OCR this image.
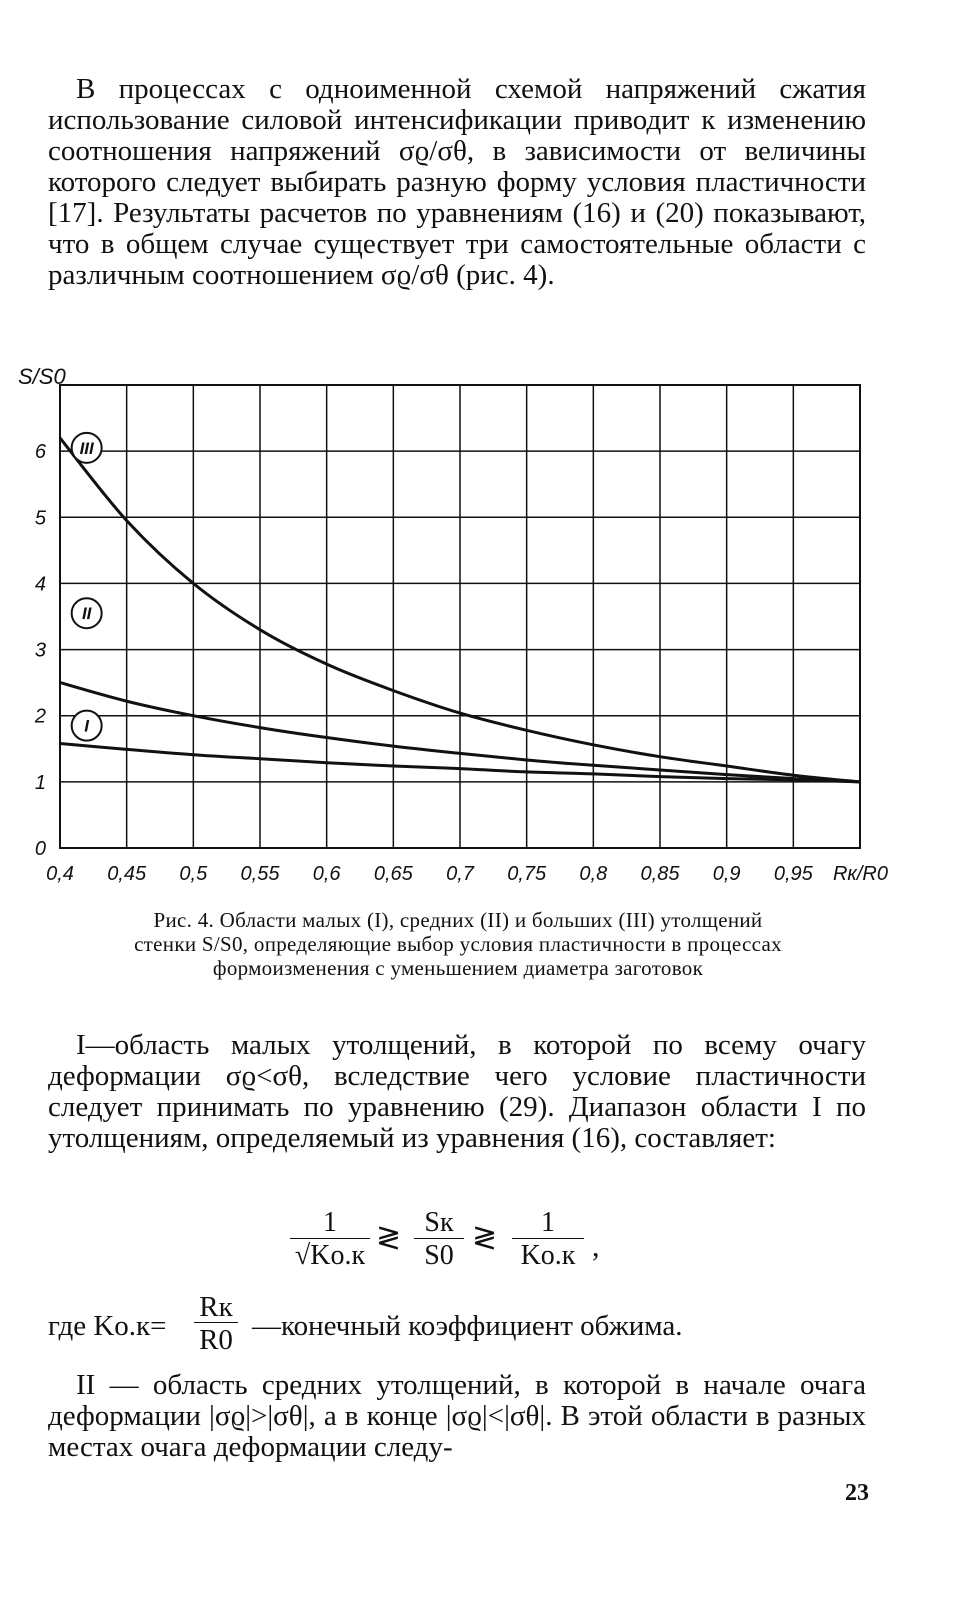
В процессах с одноименной схемой напряжений сжатия использование силовой интенсификации приводит к изменению соотношения напряжений σϱ/σθ, в зависимости от величины которого следует выбирать разную форму условия пластичности [17]. Результаты расчетов по уравнениям (16) и (20) показывают, что в общем случае существует три самостоятельные области с различным соотношением σϱ/σθ (рис. 4).

0,4 0,45 0,5 0,55 0,6 0,65 0,7 0,75 0,8 0,85 0,9 0,95 Rк/R0
0
1
2
3
4
5
6
S/S0
III
II
I
Рис. 4. Области малых (I), средних (II) и больших (III) утолщений
стенки S/S0, определяющие выбор условия пластичности в процессах
формоизменения с уменьшением диаметра заготовок

I—область малых утолщений, в которой по всему очагу деформации σϱ<σθ, вследствие чего условие пластичности следует принимать по уравнению (29). Диапазон области I по утолщениям, определяемый из уравнения (16), составляет:

1
√Kо.к
≷ Sк
S0
≷	1
Kо.к ,
где Kо.к=
Rк
R0 —конечный коэффициент обжима.

II — область средних утолщений, в которой в начале очага деформации |σϱ|>|σθ|, а в конце |σϱ|<|σθ|. В этой области в разных местах очага деформации следу-

23
